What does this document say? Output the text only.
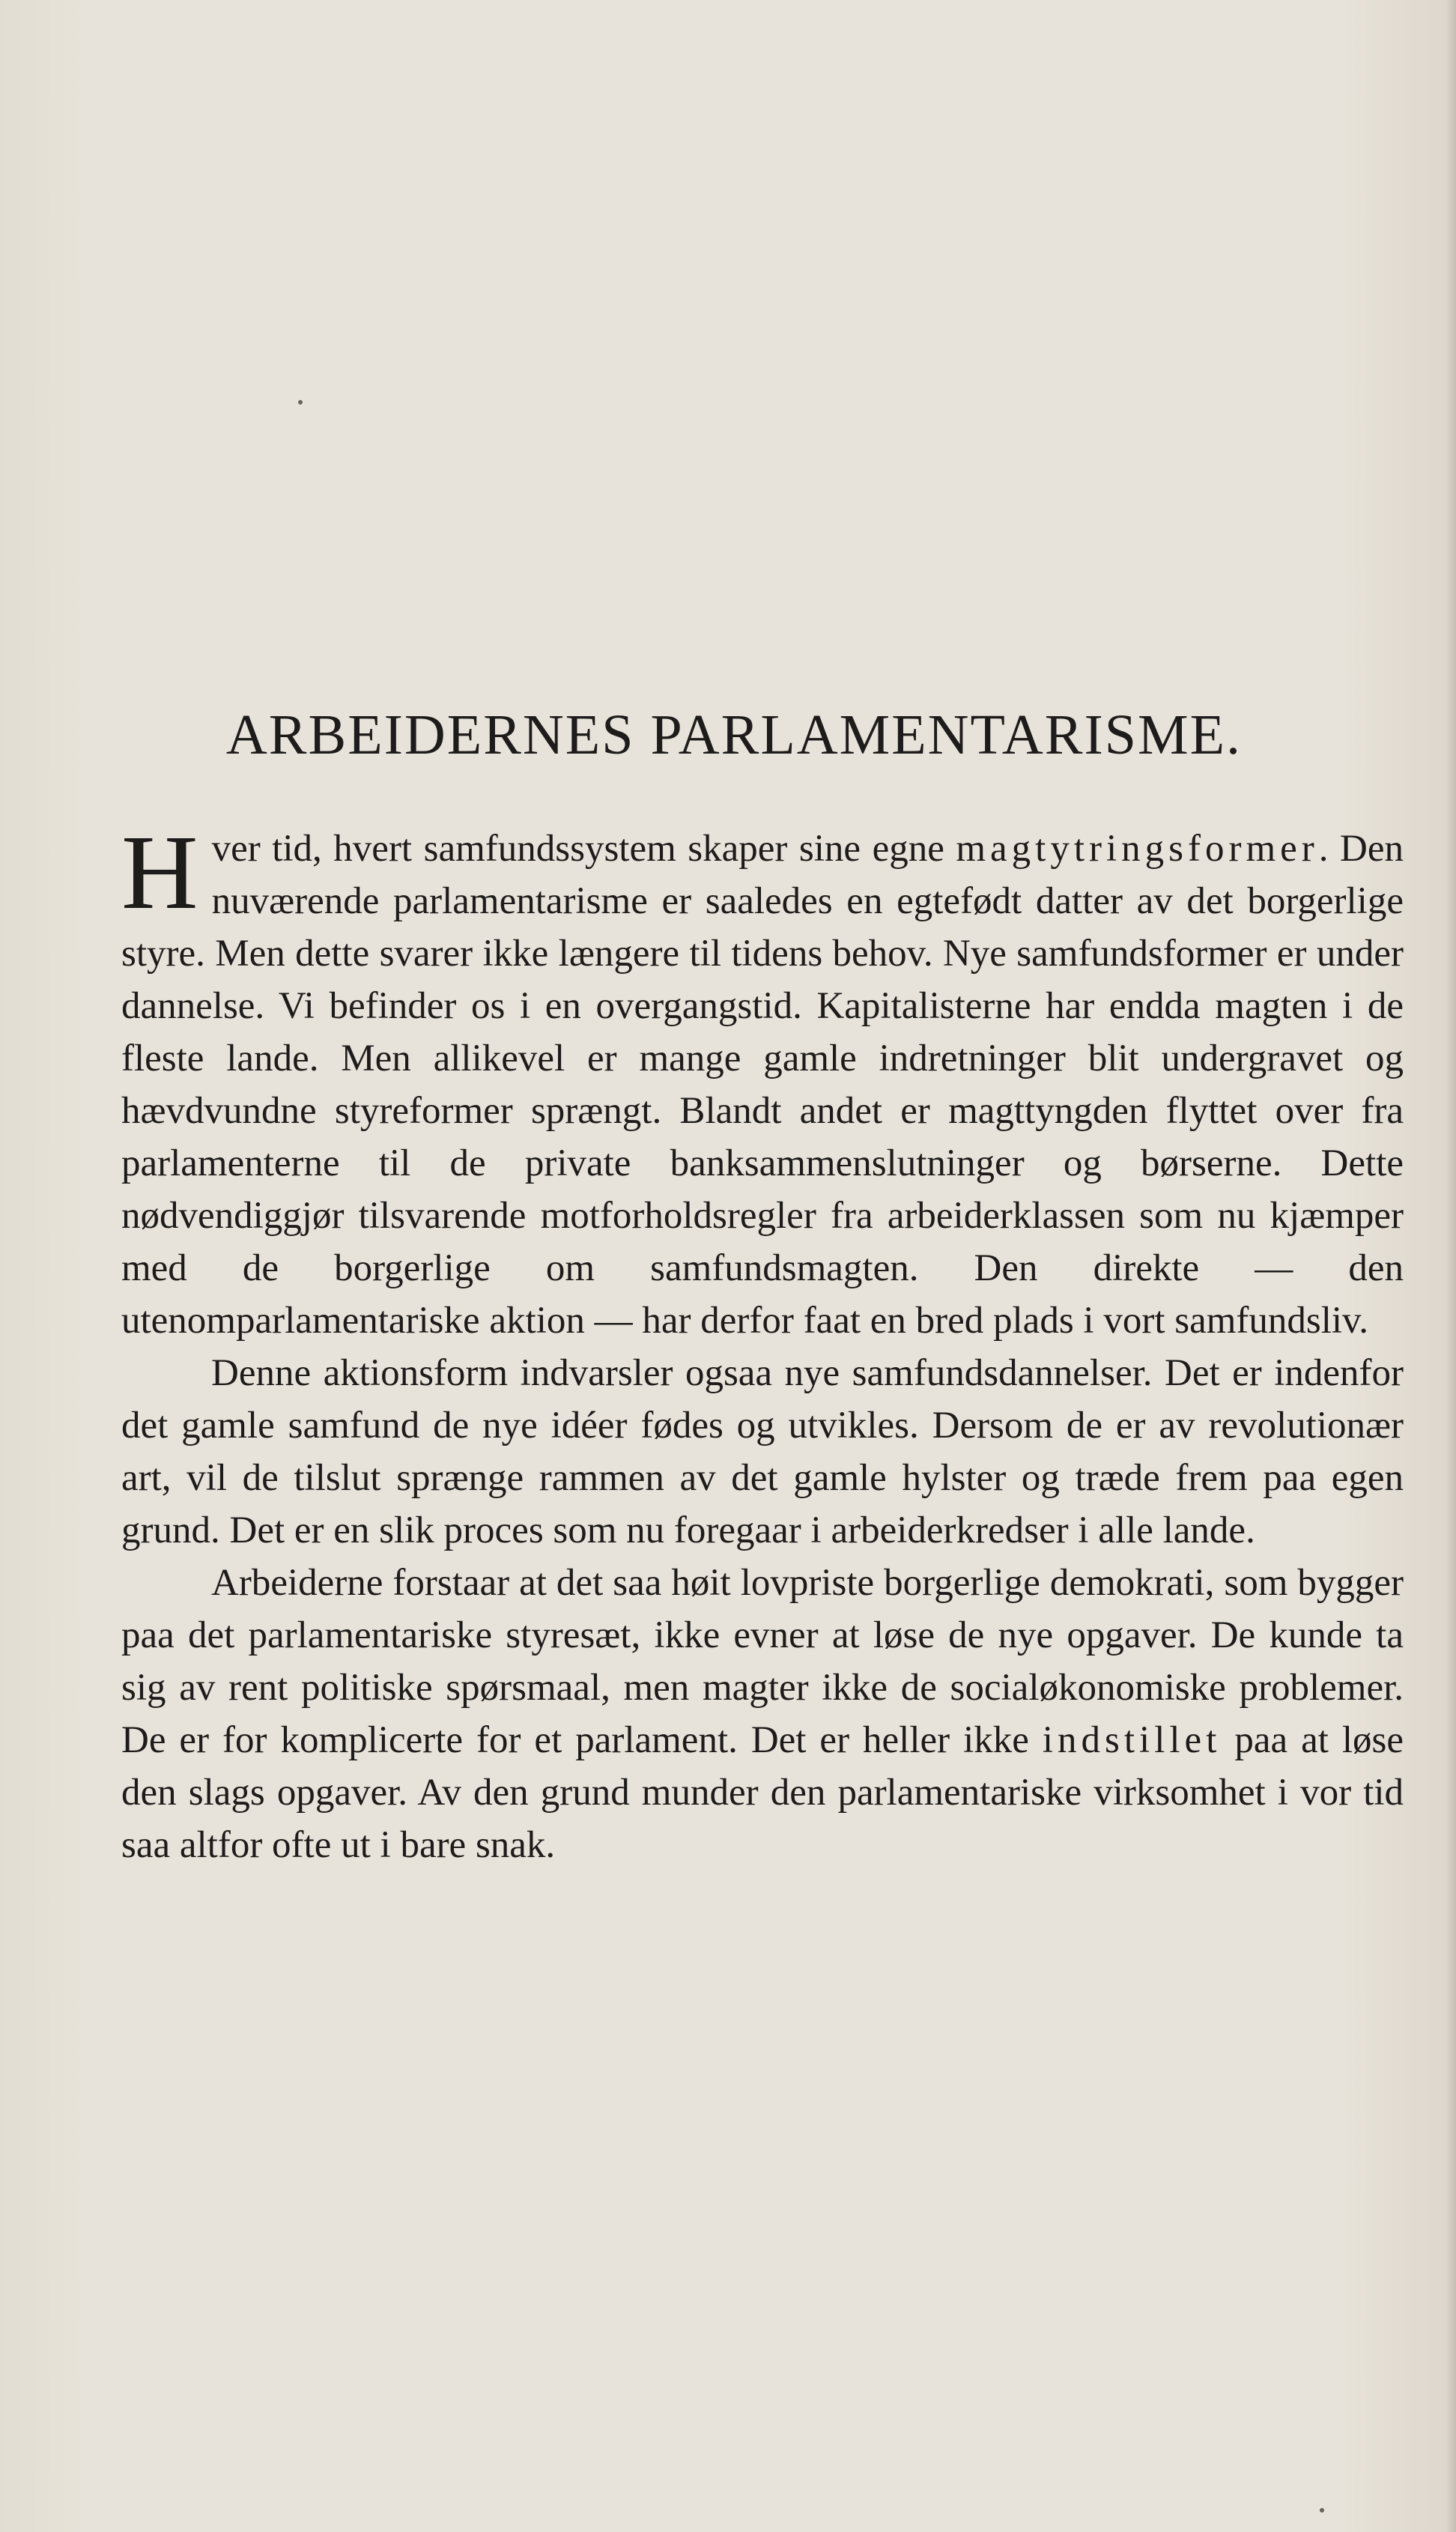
ARBEIDERNES PARLAMENTARISME.

Hver tid, hvert samfundssystem skaper sine egne magtytringsformer. Den nuværende parlamentarisme er saaledes en egtefødt datter av det borgerlige styre. Men dette svarer ikke længere til tidens behov. Nye samfundsformer er under dannelse. Vi befinder os i en overgangstid. Kapitalisterne har endda magten i de fleste lande. Men allikevel er mange gamle indretninger blit undergravet og hævdvundne styreformer sprængt. Blandt andet er magttyngden flyttet over fra parlamenterne til de private banksammenslutninger og børserne. Dette nødvendiggjør tilsvarende motforholdsregler fra arbeiderklassen som nu kjæmper med de borgerlige om samfundsmagten. Den direkte — den utenomparlamentariske aktion — har derfor faat en bred plads i vort samfundsliv.

Denne aktionsform indvarsler ogsaa nye samfundsdannelser. Det er indenfor det gamle samfund de nye idéer fødes og utvikles. Dersom de er av revolutionær art, vil de tilslut sprænge rammen av det gamle hylster og træde frem paa egen grund. Det er en slik proces som nu foregaar i arbeiderkredser i alle lande.

Arbeiderne forstaar at det saa høit lovpriste borgerlige demokrati, som bygger paa det parlamentariske styresæt, ikke evner at løse de nye opgaver. De kunde ta sig av rent politiske spørsmaal, men magter ikke de socialøkonomiske problemer. De er for komplicerte for et parlament. Det er heller ikke indstillet paa at løse den slags opgaver. Av den grund munder den parlamentariske virksomhet i vor tid saa altfor ofte ut i bare snak.
